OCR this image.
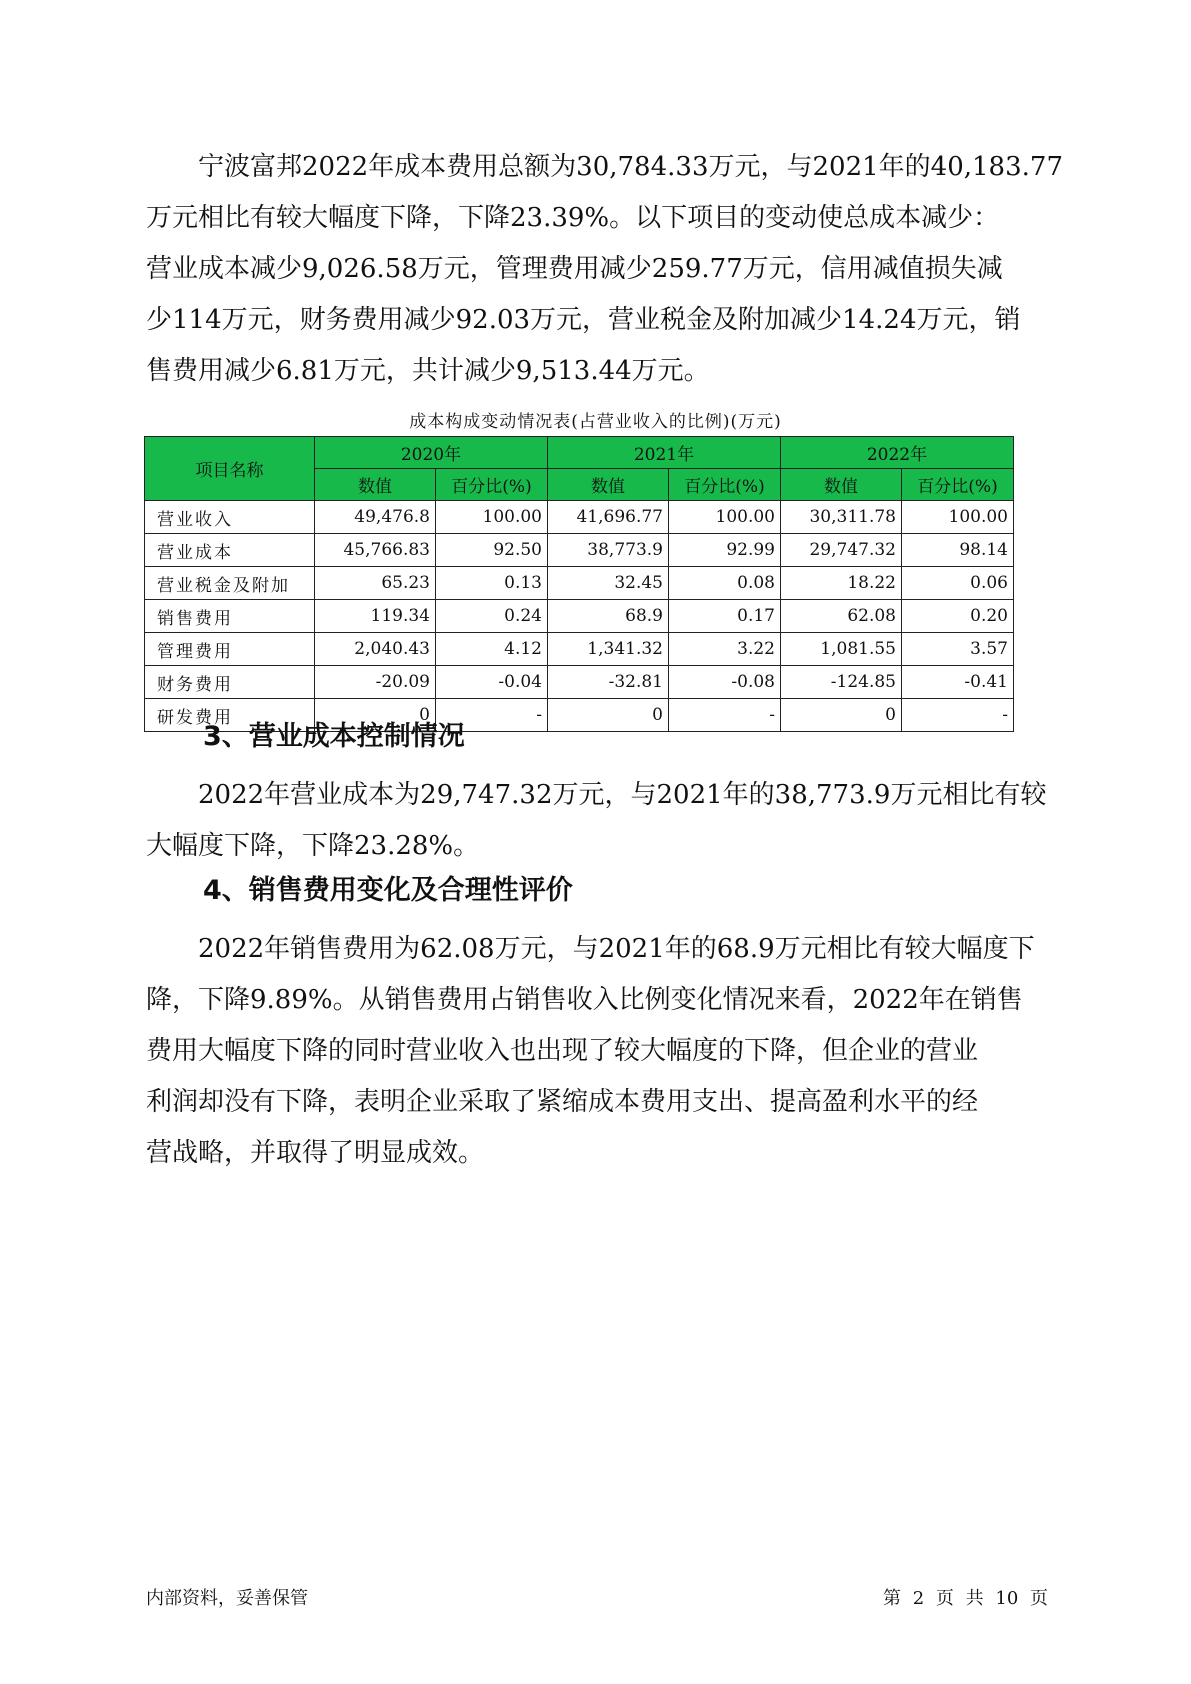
宁波富邦2022年成本费用总额为30,784.33万元，与2021年的40,183.77
万元相比有较大幅度下降，下降23.39%。以下项目的变动使总成本减少：
营业成本减少9,026.58万元，管理费用减少259.77万元，信用减值损失减
少114万元，财务费用减少92.03万元，营业税金及附加减少14.24万元，销
售费用减少6.81万元，共计减少9,513.44万元。
成本构成变动情况表(占营业收入的比例)(万元)
项目名称	2020年		2021年		2022年	
	数值	百分比(%)	数值	百分比(%)	数值	百分比(%)
营业收入	49,476.8	100.00	41,696.77	100.00	30,311.78	100.00
营业成本	45,766.83	92.50	38,773.9	92.99	29,747.32	98.14
营业税金及附加	65.23	0.13	32.45	0.08	18.22	0.06
销售费用	119.34	0.24	68.9	0.17	62.08	0.20
管理费用	2,040.43	4.12	1,341.32	3.22	1,081.55	3.57
财务费用	-20.09	-0.04	-32.81	-0.08	-124.85	-0.41
研发费用	0	-	0	-	0	-
3、营业成本控制情况
2022年营业成本为29,747.32万元，与2021年的38,773.9万元相比有较
大幅度下降，下降23.28%。
4、销售费用变化及合理性评价
2022年销售费用为62.08万元，与2021年的68.9万元相比有较大幅度下
降，下降9.89%。从销售费用占销售收入比例变化情况来看，2022年在销售
费用大幅度下降的同时营业收入也出现了较大幅度的下降，但企业的营业
利润却没有下降，表明企业采取了紧缩成本费用支出、提高盈利水平的经
营战略，并取得了明显成效。
内部资料，妥善保管	第 2 页 共 10 页
